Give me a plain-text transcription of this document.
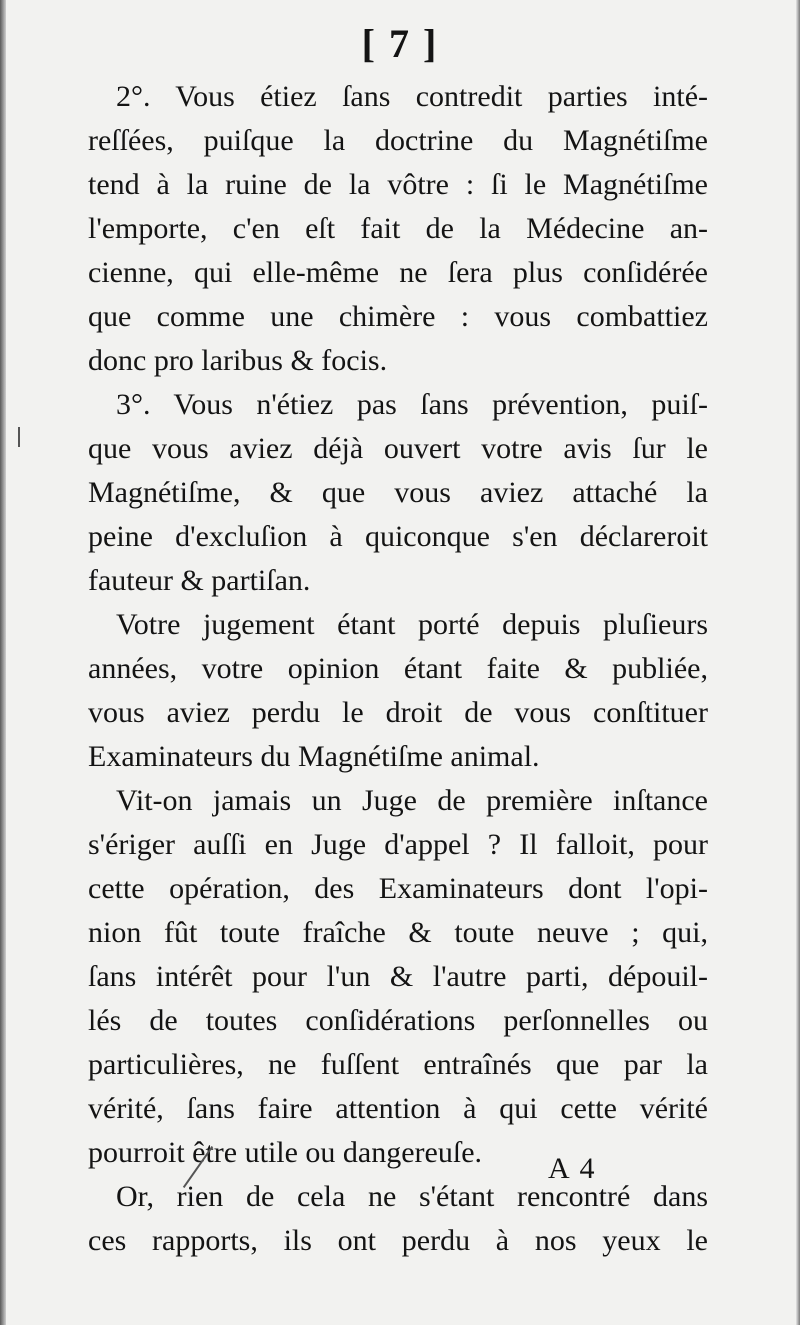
[ 7 ]
2°. Vous étiez ſans contredit parties inté-
reſſées, puiſque la doctrine du Magnétiſme
tend à la ruine de la vôtre : ſi le Magnétiſme
l'emporte, c'en eſt fait de la Médecine an-
cienne, qui elle-même ne ſera plus conſidérée
que comme une chimère : vous combattiez
donc pro laribus & focis.
3°. Vous n'étiez pas ſans prévention, puiſ-
que vous aviez déjà ouvert votre avis ſur le
Magnétiſme, & que vous aviez attaché la
peine d'excluſion à quiconque s'en déclareroit
fauteur & partiſan.
Votre jugement étant porté depuis pluſieurs
années, votre opinion étant faite & publiée,
vous aviez perdu le droit de vous conſtituer
Examinateurs du Magnétiſme animal.
Vit-on jamais un Juge de première inſtance
s'ériger auſſi en Juge d'appel ? Il falloit, pour
cette opération, des Examinateurs dont l'opi-
nion fût toute fraîche & toute neuve ; qui,
ſans intérêt pour l'un & l'autre parti, dépouil-
lés de toutes conſidérations perſonnelles ou
particulières, ne fuſſent entraînés que par la
vérité, ſans faire attention à qui cette vérité
pourroit être utile ou dangereuſe.
Or, rien de cela ne s'étant rencontré dans
ces rapports, ils ont perdu à nos yeux le
A 4
